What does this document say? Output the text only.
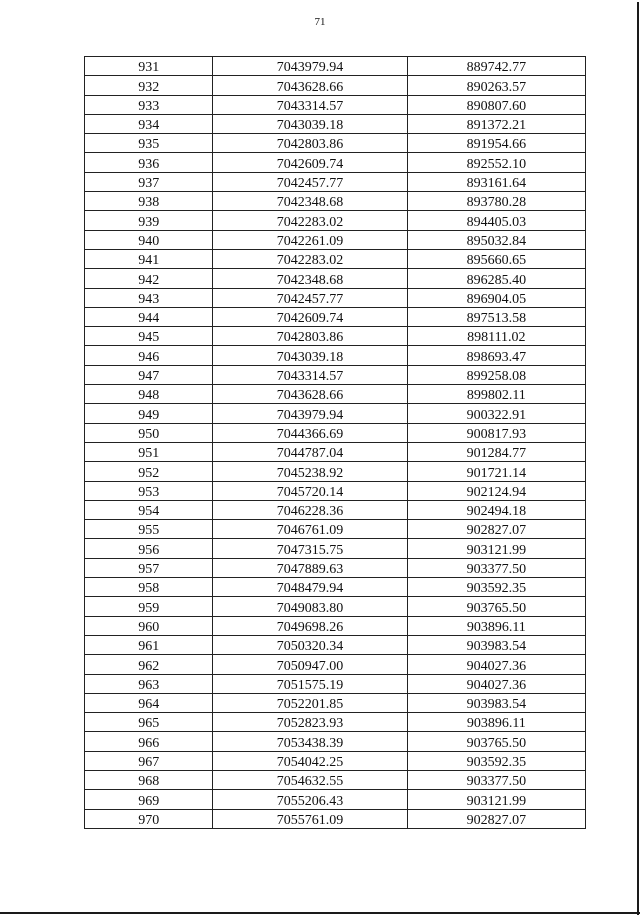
71
931	7043979.94	889742.77
932	7043628.66	890263.57
933	7043314.57	890807.60
934	7043039.18	891372.21
935	7042803.86	891954.66
936	7042609.74	892552.10
937	7042457.77	893161.64
938	7042348.68	893780.28
939	7042283.02	894405.03
940	7042261.09	895032.84
941	7042283.02	895660.65
942	7042348.68	896285.40
943	7042457.77	896904.05
944	7042609.74	897513.58
945	7042803.86	898111.02
946	7043039.18	898693.47
947	7043314.57	899258.08
948	7043628.66	899802.11
949	7043979.94	900322.91
950	7044366.69	900817.93
951	7044787.04	901284.77
952	7045238.92	901721.14
953	7045720.14	902124.94
954	7046228.36	902494.18
955	7046761.09	902827.07
956	7047315.75	903121.99
957	7047889.63	903377.50
958	7048479.94	903592.35
959	7049083.80	903765.50
960	7049698.26	903896.11
961	7050320.34	903983.54
962	7050947.00	904027.36
963	7051575.19	904027.36
964	7052201.85	903983.54
965	7052823.93	903896.11
966	7053438.39	903765.50
967	7054042.25	903592.35
968	7054632.55	903377.50
969	7055206.43	903121.99
970	7055761.09	902827.07
